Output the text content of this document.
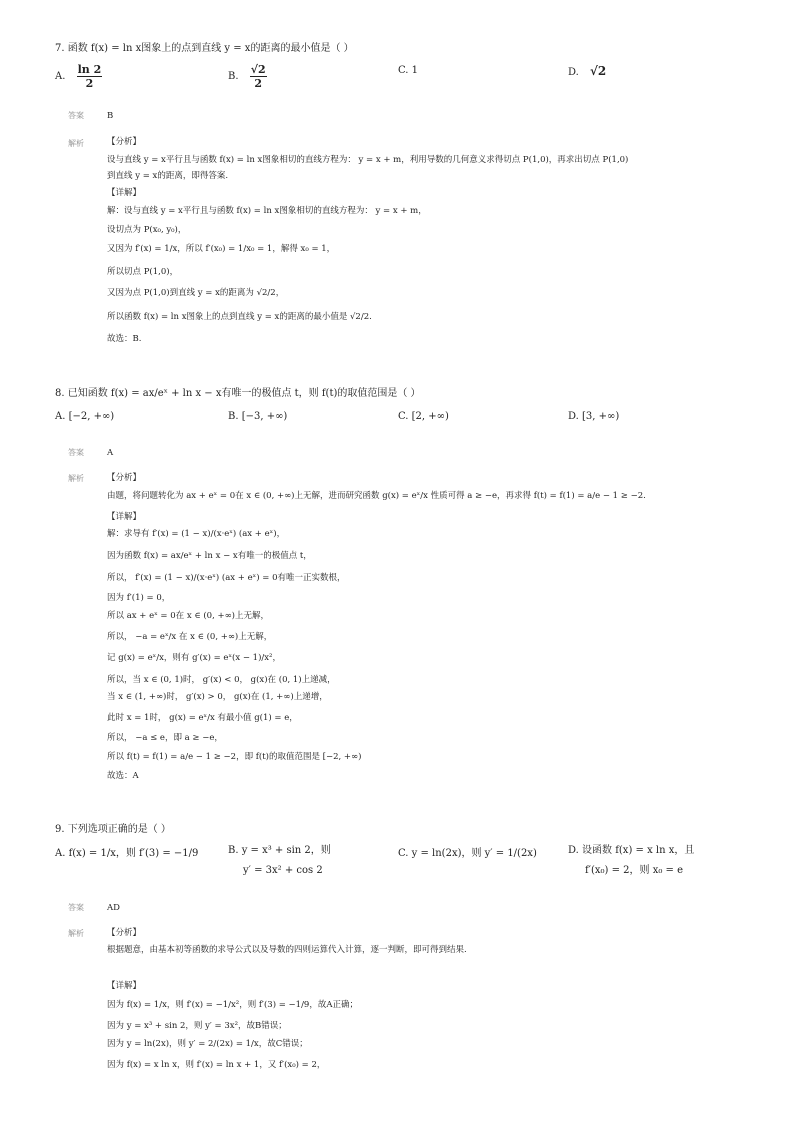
7. 函数 f(x) = ln x图象上的点到直线 y = x的距离的最小值是（ ）
A. $\frac{\ln 2}{2}$	B. $\frac{√2}{2}$	C. 1	D. √2
答案	B
解析	【分析】
设与直线 y = x平行且与函数 f(x) = ln x图象相切的直线方程为： y = x + m，利用导数的几何意义求得切点 P(1,0)，再求出切点 P(1,0)
到直线 y = x的距离，即得答案.
【详解】
解：设与直线 y = x平行且与函数 f(x) = ln x图象相切的直线方程为： y = x + m，
设切点为 P(x₀, y₀)，
又因为 f′(x) = 1/x，所以 f′(x₀) = 1/x₀ = 1，解得 x₀ = 1，
所以切点 P(1,0)，
又因为点 P(1,0)到直线 y = x的距离为 √2/2，
所以函数 f(x) = ln x图象上的点到直线 y = x的距离的最小值是 √2/2.
故选：B.
8. 已知函数 f(x) = ax/eˣ + ln x − x有唯一的极值点 t，则 f(t)的取值范围是（ ）
A. [−2, +∞)	B. [−3, +∞)	C. [2, +∞)	D. [3, +∞)
答案	A
解析	【分析】
由题，将问题转化为 ax + eˣ = 0在 x ∈ (0, +∞)上无解，进而研究函数 g(x) = eˣ/x 性质可得 a ≥ −e，再求得 f(t) = f(1) = a/e − 1 ≥ −2.
【详解】
解：求导有 f′(x) = (1 − x)/(x·eˣ) (ax + eˣ)，
因为函数 f(x) = ax/eˣ + ln x − x有唯一的极值点 t，
所以， f′(x) = (1 − x)/(x·eˣ) (ax + eˣ) = 0有唯一正实数根，
因为 f′(1) = 0，
所以 ax + eˣ = 0在 x ∈ (0, +∞)上无解，
所以， −a = eˣ/x 在 x ∈ (0, +∞)上无解，
记 g(x) = eˣ/x，则有 g′(x) = eˣ(x − 1)/x²，
所以，当 x ∈ (0, 1)时， g′(x) < 0， g(x)在 (0, 1)上递减，
当 x ∈ (1, +∞)时， g′(x) > 0， g(x)在 (1, +∞)上递增，
此时 x = 1时， g(x) = eˣ/x 有最小值 g(1) = e，
所以， −a ≤ e，即 a ≥ −e，
所以 f(t) = f(1) = a/e − 1 ≥ −2，即 f(t)的取值范围是 [−2, +∞)
故选：A
9. 下列选项正确的是（ ）
A. f(x) = 1/x，则 f′(3) = −1/9	B. y = x³ + sin 2，则
y′ = 3x² + cos 2
C. y = ln(2x)，则 y′ = 1/(2x)	D. 设函数 f(x) = x ln x，且
f′(x₀) = 2，则 x₀ = e
答案	AD
解析	【分析】
根据题意，由基本初等函数的求导公式以及导数的四则运算代入计算，逐一判断，即可得到结果.
【详解】
因为 f(x) = 1/x，则 f′(x) = −1/x²，则 f′(3) = −1/9，故A正确；
因为 y = x³ + sin 2，则 y′ = 3x²，故B错误；
因为 y = ln(2x)，则 y′ = 2/(2x) = 1/x，故C错误；
因为 f(x) = x ln x，则 f′(x) = ln x + 1，又 f′(x₀) = 2，
